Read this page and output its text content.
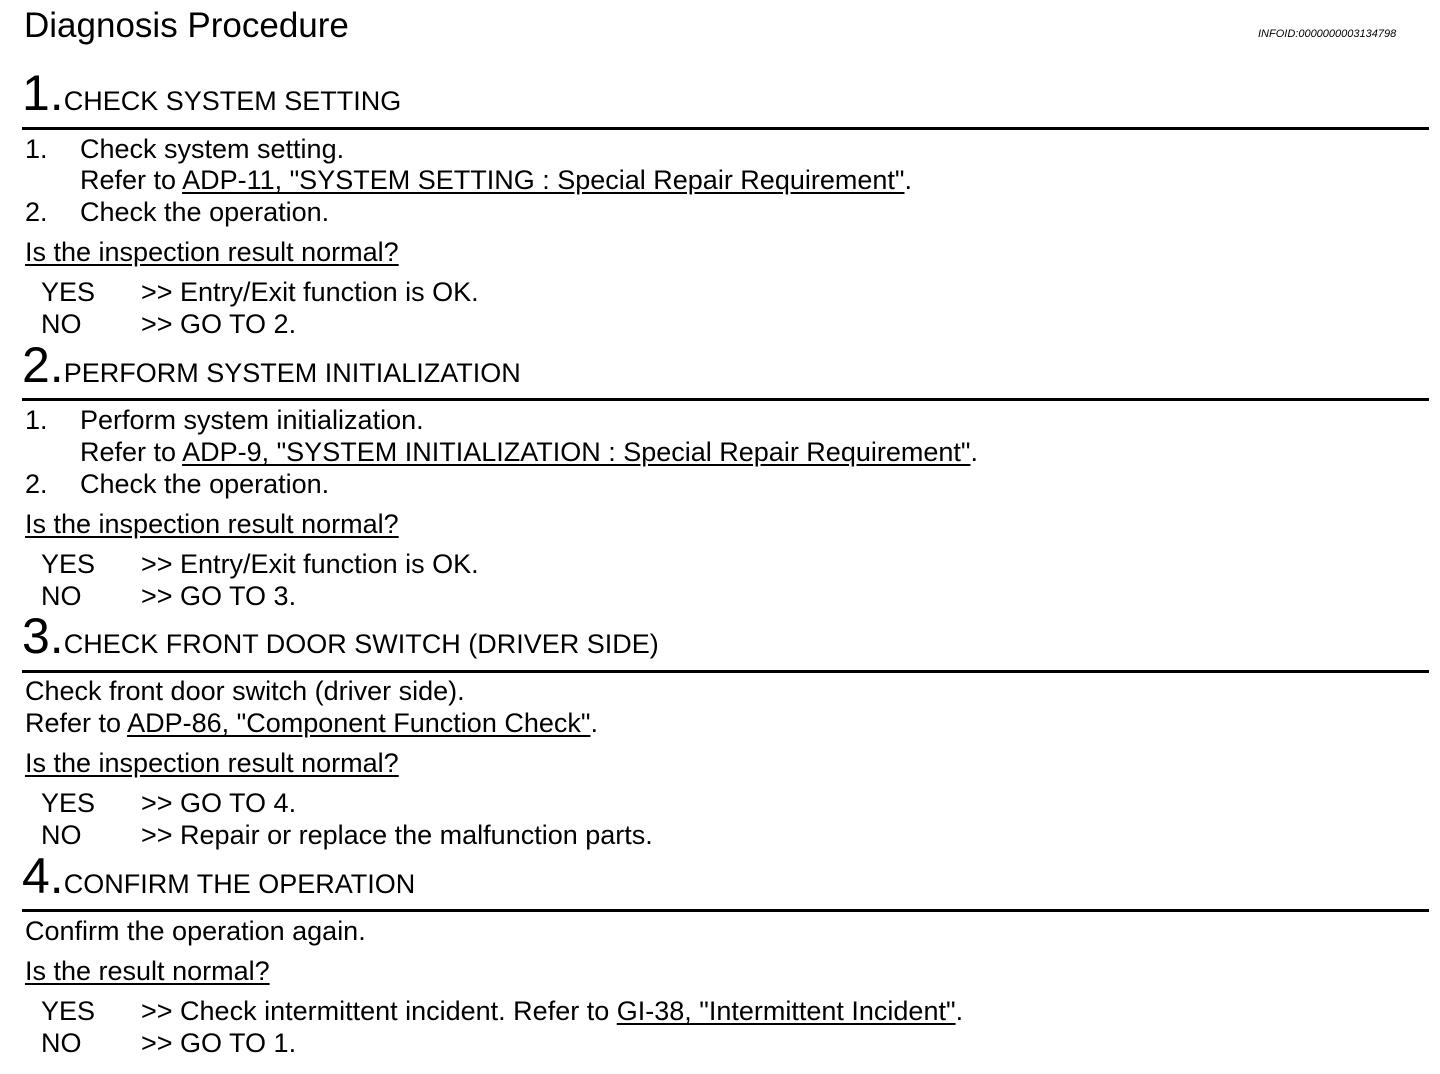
Diagnosis Procedure	INFOID:0000000003134798
1.CHECK SYSTEM SETTING
1. Check system setting.
Refer to ADP-11, "SYSTEM SETTING : Special Repair Requirement".
2. Check the operation.
Is the inspection result normal?
YES >> Entry/Exit function is OK.
NO >> GO TO 2.
2.PERFORM SYSTEM INITIALIZATION
1. Perform system initialization.
Refer to ADP-9, "SYSTEM INITIALIZATION : Special Repair Requirement".
2. Check the operation.
Is the inspection result normal?
YES >> Entry/Exit function is OK.
NO >> GO TO 3.
3.CHECK FRONT DOOR SWITCH (DRIVER SIDE)
Check front door switch (driver side).
Refer to ADP-86, "Component Function Check".
Is the inspection result normal?
YES >> GO TO 4.
NO >> Repair or replace the malfunction parts.
4.CONFIRM THE OPERATION
Confirm the operation again.
Is the result normal?
YES >> Check intermittent incident. Refer to GI-38, "Intermittent Incident".
NO >> GO TO 1.
